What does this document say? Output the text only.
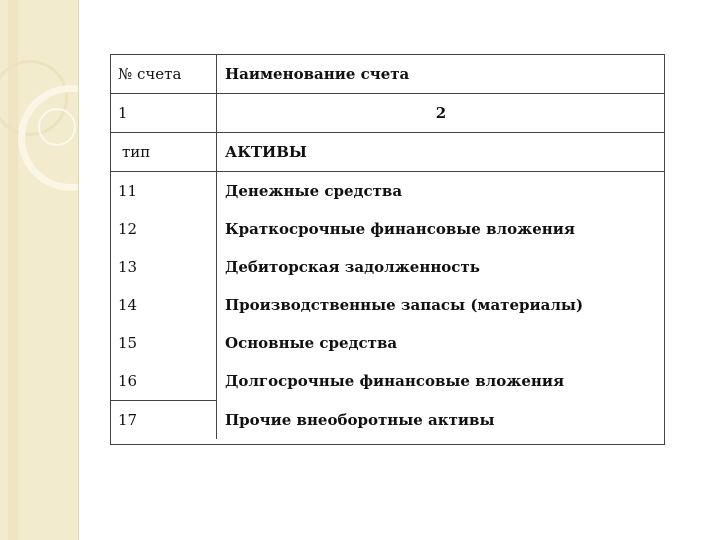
№ счета	Наименование счета
1	2
тип	АКТИВЫ
11	Денежные средства
12	Краткосрочные финансовые вложения
13	Дебиторская задолженность
14	Производственные запасы (материалы)
15	Основные средства
16	Долгосрочные финансовые вложения
17	Прочие внеоборотные активы
